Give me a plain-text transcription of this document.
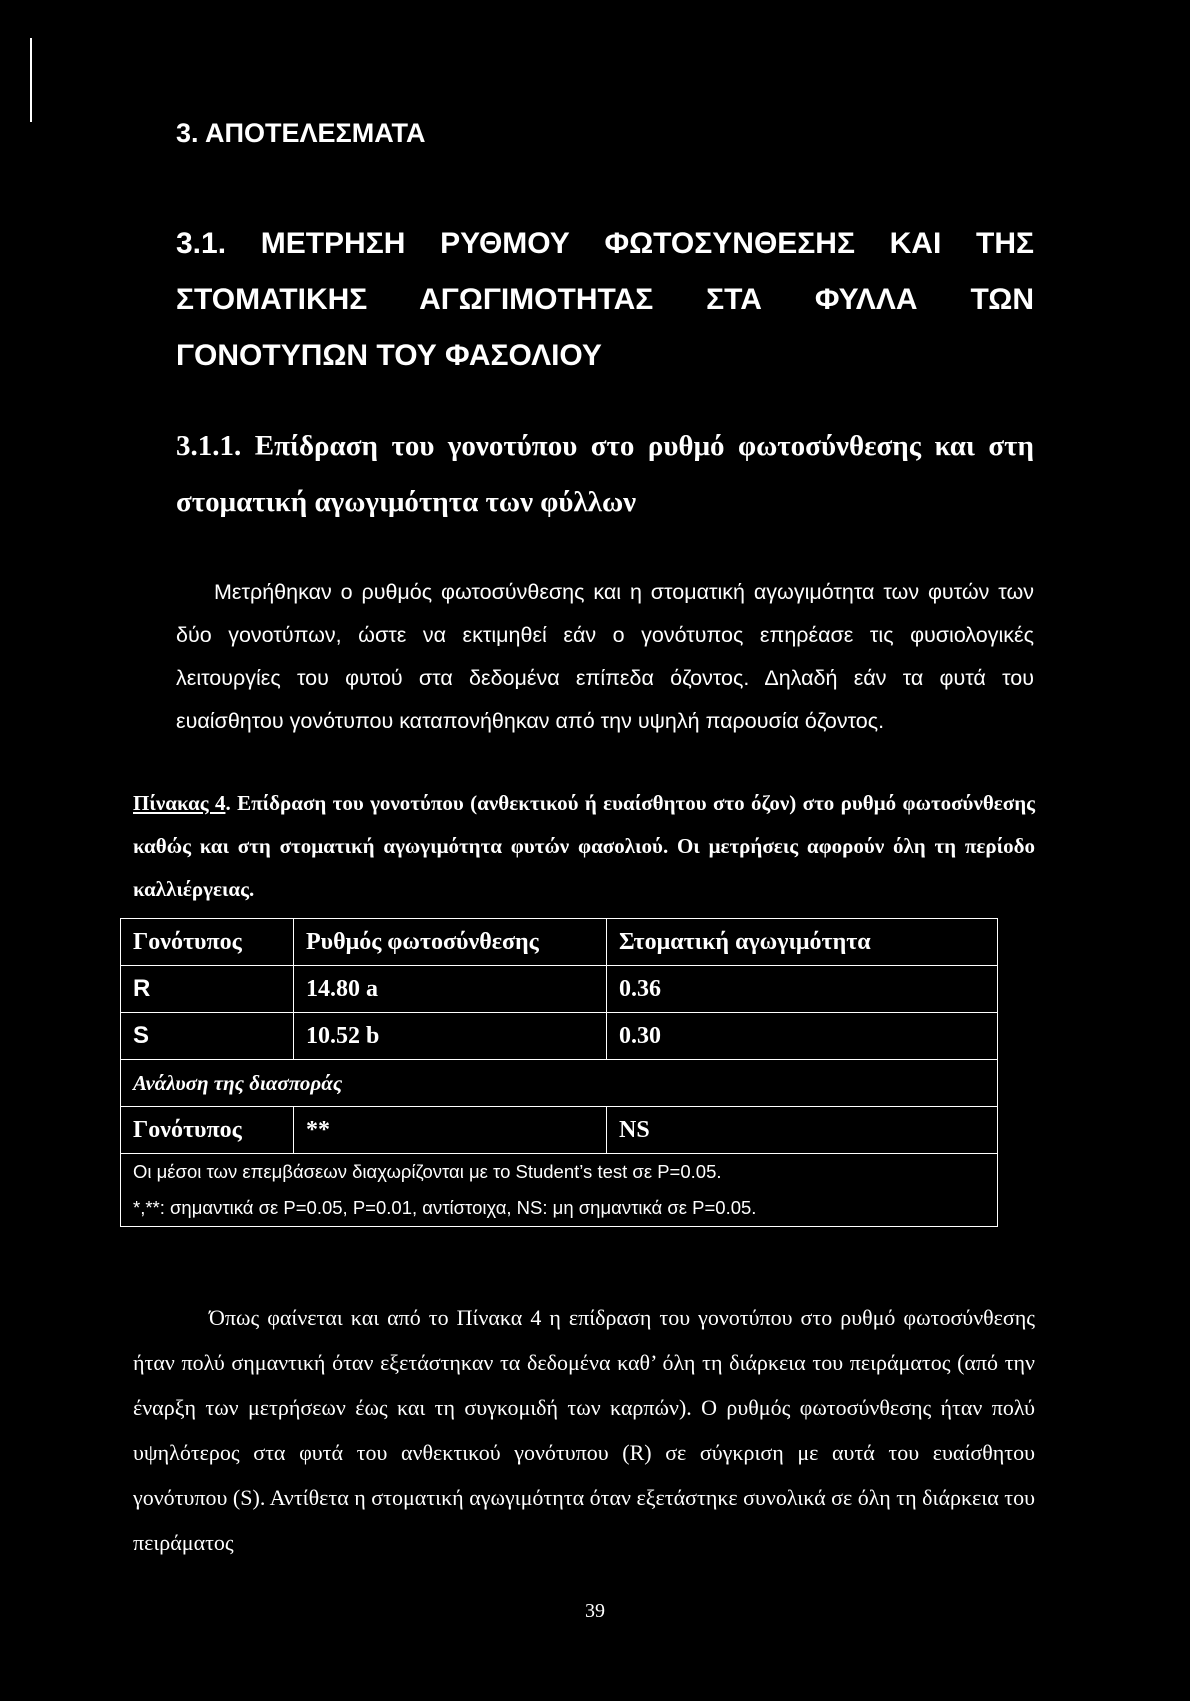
3. ΑΠΟΤΕΛΕΣΜΑΤΑ
3.1. ΜΕΤΡΗΣΗ ΡΥΘΜΟΥ ΦΩΤΟΣΥΝΘΕΣΗΣ ΚΑΙ ΤΗΣ ΣΤΟΜΑΤΙΚΗΣ ΑΓΩΓΙΜΟΤΗΤΑΣ ΣΤΑ ΦΥΛΛΑ ΤΩΝ ΓΟΝΟΤΥΠΩΝ ΤΟΥ ΦΑΣΟΛΙΟΥ
3.1.1. Επίδραση του γονοτύπου στο ρυθμό φωτοσύνθεσης και στη στοματική αγωγιμότητα των φύλλων
Μετρήθηκαν ο ρυθμός φωτοσύνθεσης και η στοματική αγωγιμότητα των φυτών των δύο γονοτύπων, ώστε να εκτιμηθεί εάν ο γονότυπος επηρέασε τις φυσιολογικές λειτουργίες του φυτού στα δεδομένα επίπεδα όζοντος. Δηλαδή εάν τα φυτά του ευαίσθητου γονότυπου καταπονήθηκαν από την υψηλή παρουσία όζοντος.
Πίνακας 4. Επίδραση του γονοτύπου (ανθεκτικού ή ευαίσθητου στο όζον) στο ρυθμό φωτοσύνθεσης καθώς και στη στοματική αγωγιμότητα φυτών φασολιού. Οι μετρήσεις αφορούν όλη τη περίοδο καλλιέργειας.
Γονότυπος	Ρυθμός φωτοσύνθεσης	Στοματική αγωγιμότητα
R	14.80 a	0.36
S	10.52 b	0.30
Ανάλυση της διασποράς		
Γονότυπος	**	NS
Οι μέσοι των επεμβάσεων διαχωρίζονται με το Student’s test σε P=0.05.		
*,**: σημαντικά σε P=0.05, P=0.01, αντίστοιχα, NS: μη σημαντικά σε P=0.05.		
Όπως φαίνεται και από το Πίνακα 4 η επίδραση του γονοτύπου στο ρυθμό φωτοσύνθεσης ήταν πολύ σημαντική όταν εξετάστηκαν τα δεδομένα καθ’ όλη τη διάρκεια του πειράματος (από την έναρξη των μετρήσεων έως και τη συγκομιδή των καρπών). Ο ρυθμός φωτοσύνθεσης ήταν πολύ υψηλότερος στα φυτά του ανθεκτικού γονότυπου (R) σε σύγκριση με αυτά του ευαίσθητου γονότυπου (S). Αντίθετα η στοματική αγωγιμότητα όταν εξετάστηκε συνολικά σε όλη τη διάρκεια του πειράματος
39
